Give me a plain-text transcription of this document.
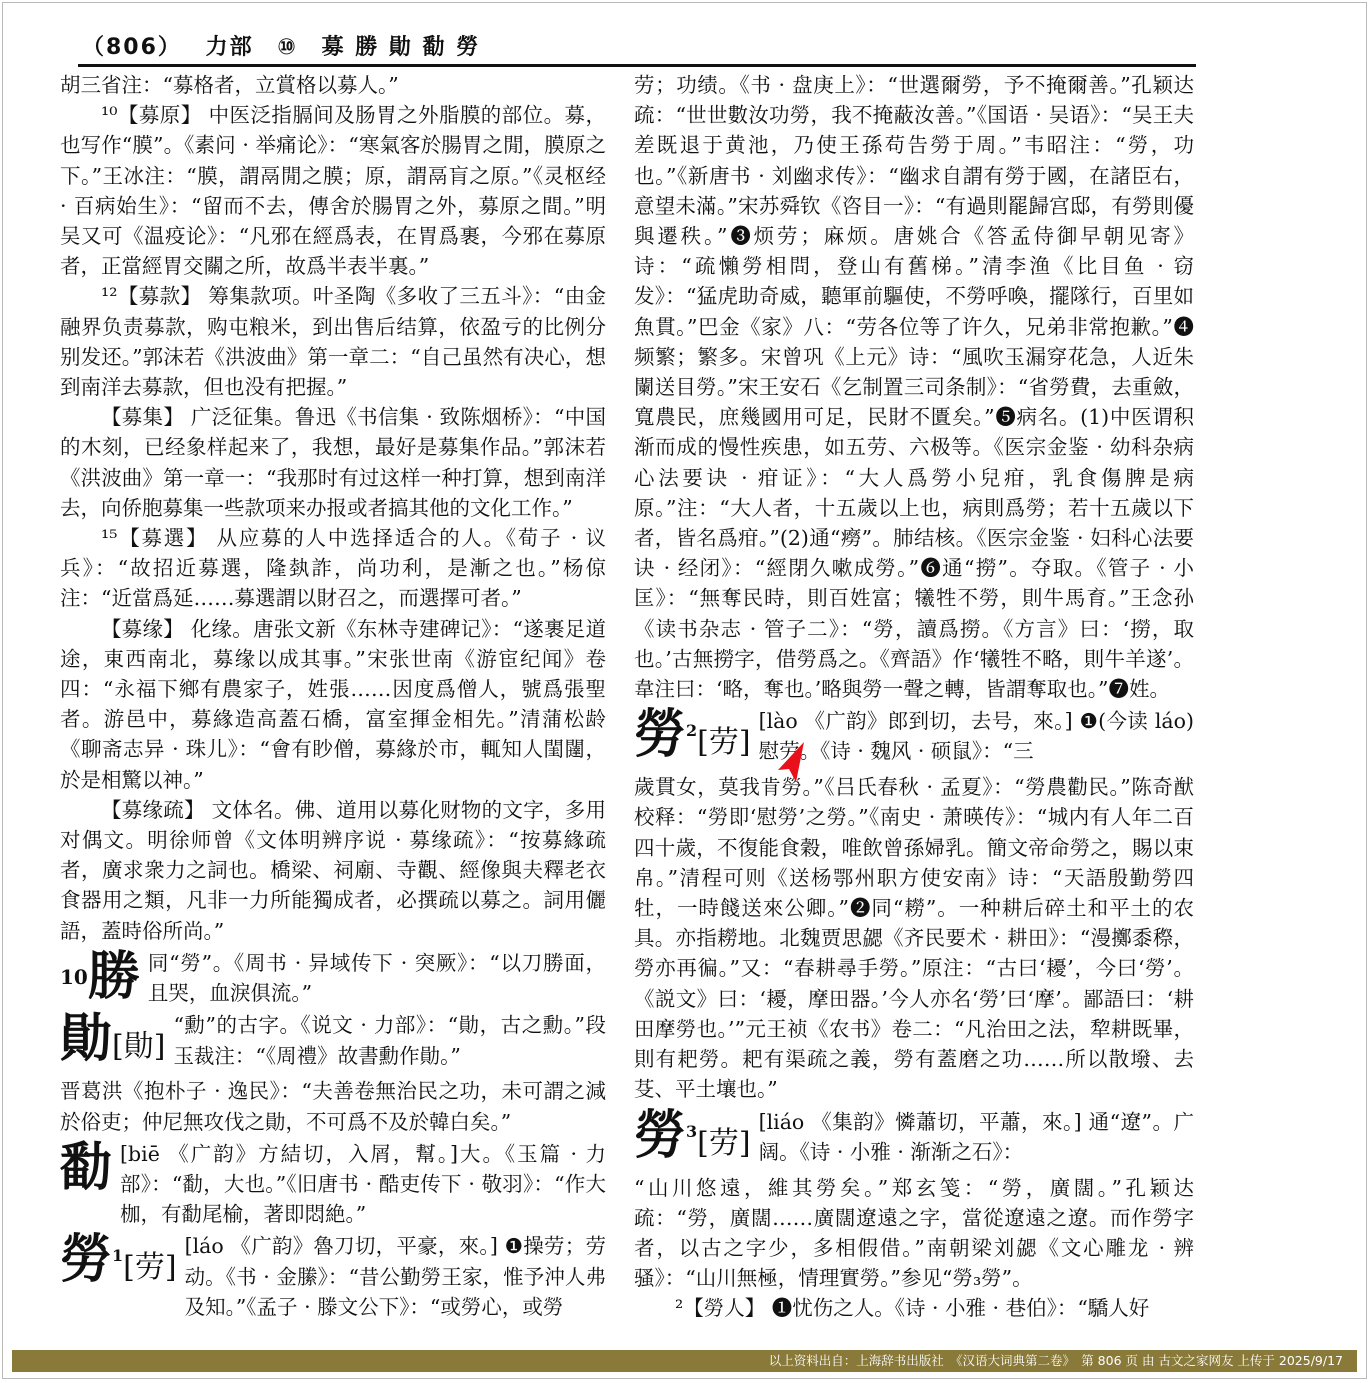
（806） 力部 ⑩ 募 勝 勛 勫 勞

胡三省注：“募格者，立賞格以募人。”

¹⁰【募原】 中医泛指膈间及肠胃之外脂膜的部位。募，也写作“膜”。《素问 · 举痛论》：“寒氣客於腸胃之閒，膜原之下。”王冰注：“膜，謂鬲閒之膜；原，謂鬲肓之原。”《灵枢经 · 百病始生》：“留而不去，傳舍於腸胃之外，募原之間。”明吴又可《温疫论》：“凡邪在經爲表，在胃爲裹，今邪在募原者，正當經胃交關之所，故爲半表半裏。”

¹²【募款】 筹集款项。叶圣陶《多收了三五斗》：“由金融界负责募款，购屯粮米，到出售后结算，依盈亏的比例分别发还。”郭沫若《洪波曲》第一章二：“自己虽然有决心，想到南洋去募款，但也没有把握。”

【募集】 广泛征集。鲁迅《书信集 · 致陈烟桥》：“中国的木刻，已经象样起来了，我想，最好是募集作品。”郭沫若《洪波曲》第一章一：“我那时有过这样一种打算，想到南洋去，向侨胞募集一些款项来办报或者搞其他的文化工作。”

¹⁵【募選】 从应募的人中选择适合的人。《荀子 · 议兵》：“故招近募選，隆埶詐，尚功利，是漸之也。”杨倞注：“近當爲延……募選謂以財召之，而選擇可者。”

【募缘】 化缘。唐张文新《东林寺建碑记》：“遂裹足道途，東西南北，募缘以成其事。”宋张世南《游宦纪闻》卷四：“永福下鄉有農家子，姓張……因度爲僧人，號爲張聖者。游邑中，募緣造高蓋石橋，富室揮金相先。”清蒲松龄《聊斋志异 · 珠儿》：“會有眇僧，募緣於市，輒知人閨闥，於是相驚以神。”

【募缘疏】 文体名。佛、道用以募化财物的文字，多用对偶文。明徐师曾《文体明辨序说 · 募缘疏》：“按募緣疏者，廣求衆力之詞也。橋梁、祠廟、寺觀、經像與夫釋老衣食器用之類，凡非一力所能獨成者，必撰疏以募之。詞用儷語，蓋時俗所尚。”

$^{10}$勝 同“勞”。《周书 · 异域传下 · 突厥》：“以刀勝面，且哭，血淚俱流。”
勛[勛]
“勳”的古字。《说文 · 力部》：“勛，古之勳。”段玉裁注：“《周禮》故書勳作勛。”

晋葛洪《抱朴子 · 逸民》：“夫善卷無治民之功，未可謂之減於俗吏；仲尼無攻伐之勛，不可爲不及於韓白矣。”

勫 [biē 《广韵》方結切，入屑，幫。]大。《玉篇 · 力部》：“勫，大也。”《旧唐书 · 酷吏传下 · 敬羽》：“作大枷，有勫尾榆，著即悶絶。”
勞$^1$[劳]
[láo 《广韵》魯刀切，平豪，來。] ❶操劳；劳动。《书 · 金縢》：“昔公勤勞王家，惟予沖人弗及知。”《孟子 · 滕文公下》：“或勞心，或勞

劳；功绩。《书 · 盘庚上》：“世選爾勞，予不掩爾善。”孔颖达疏：“世世數汝功勞，我不掩蔽汝善。”《国语 · 吴语》：“吴王夫差既退于黄池，乃使王孫苟告勞于周。”韦昭注：“勞，功也。”《新唐书 · 刘幽求传》：“幽求自謂有勞于國，在諸臣右，意望未滿。”宋苏舜钦《咨目一》：“有過則罷歸宫邸，有勞則優與遷秩。”❸烦劳；麻烦。唐姚合《答孟侍御早朝见寄》诗：“疏懶勞相問，登山有舊梯。”清李渔《比目鱼 · 窃发》：“猛虎助奇威，聽軍前驅使，不勞呼喚，擺隊行，百里如魚貫。”巴金《家》八：“劳各位等了许久，兄弟非常抱歉。”❹频繁；繁多。宋曾巩《上元》诗：“風吹玉漏穿花急，人近朱闌送目勞。”宋王安石《乞制置三司条制》：“省勞費，去重斂，寬農民，庶幾國用可足，民財不匱矣。”❺病名。(1)中医谓积渐而成的慢性疾患，如五劳、六极等。《医宗金鉴 · 幼科杂病心法要诀 · 疳证》：“大人爲勞小兒疳，乳食傷脾是病原。”注：“大人者，十五歲以上也，病則爲勞；若十五歲以下者，皆名爲疳。”(2)通“癆”。肺结核。《医宗金鉴 · 妇科心法要诀 · 经闭》：“經閉久嗽成勞。”❻通“撈”。夺取。《管子 · 小匡》：“無奪民時，則百姓富；犧牲不勞，則牛馬育。”王念孙《读书杂志 · 管子二》：“勞，讀爲撈。《方言》曰：‘撈，取也。’古無撈字，借勞爲之。《齊語》作‘犧牲不略，則牛羊遂’。韋注曰：‘略，奪也。’略與勞一聲之轉，皆謂奪取也。”❼姓。

勞$^2$[劳]
[lào 《广韵》郎到切，去号，來。] ❶(今读 láo)慰劳。《诗 · 魏风 · 硕鼠》：“三

歲貫女，莫我肯勞。”《吕氏春秋 · 孟夏》：“勞農勸民。”陈奇猷校释：“勞即‘慰勞’之勞。”《南史 · 萧暎传》：“城内有人年二百四十歲，不復能食穀，唯飲曾孫婦乳。簡文帝命勞之，賜以束帛。”清程可则《送杨鄂州职方使安南》诗：“天語殷勤勞四牡，一時餞送來公卿。”❷同“耮”。一种耕后碎土和平土的农具。亦指耮地。北魏贾思勰《齐民要术 · 耕田》：“漫擲黍穄，勞亦再徧。”又：“春耕尋手勞。”原注：“古曰‘耰’，今曰‘勞’。《説文》曰：‘耰，摩田器。’今人亦名‘勞’曰‘摩’。鄙語曰：‘耕田摩勞也。’”元王祯《农书》卷二：“凡治田之法，犂耕既畢，則有耙勞。耙有渠疏之義，勞有蓋磨之功……所以散墢、去芟、平土壤也。”

勞$^3$[劳]
[liáo 《集韵》憐蕭切，平蕭，來。] 通“遼”。广阔。《诗 · 小雅 · 渐渐之石》：

“山川悠遠，維其勞矣。”郑玄笺：“勞，廣闊。”孔颖达疏：“勞，廣闊……廣闊遼遠之字，當從遼遠之遼。而作勞字者，以古之字少，多相假借。”南朝梁刘勰《文心雕龙 · 辨骚》：“山川無極，情理實勞。”参见“勞₃勞”。

²【勞人】 ❶忧伤之人。《诗 · 小雅 · 巷伯》：“驕人好

以上资料出自：上海辞书出版社　《汉语大词典第二卷》　第 806 页 由 古文之家网友 上传于 2025/9/17
